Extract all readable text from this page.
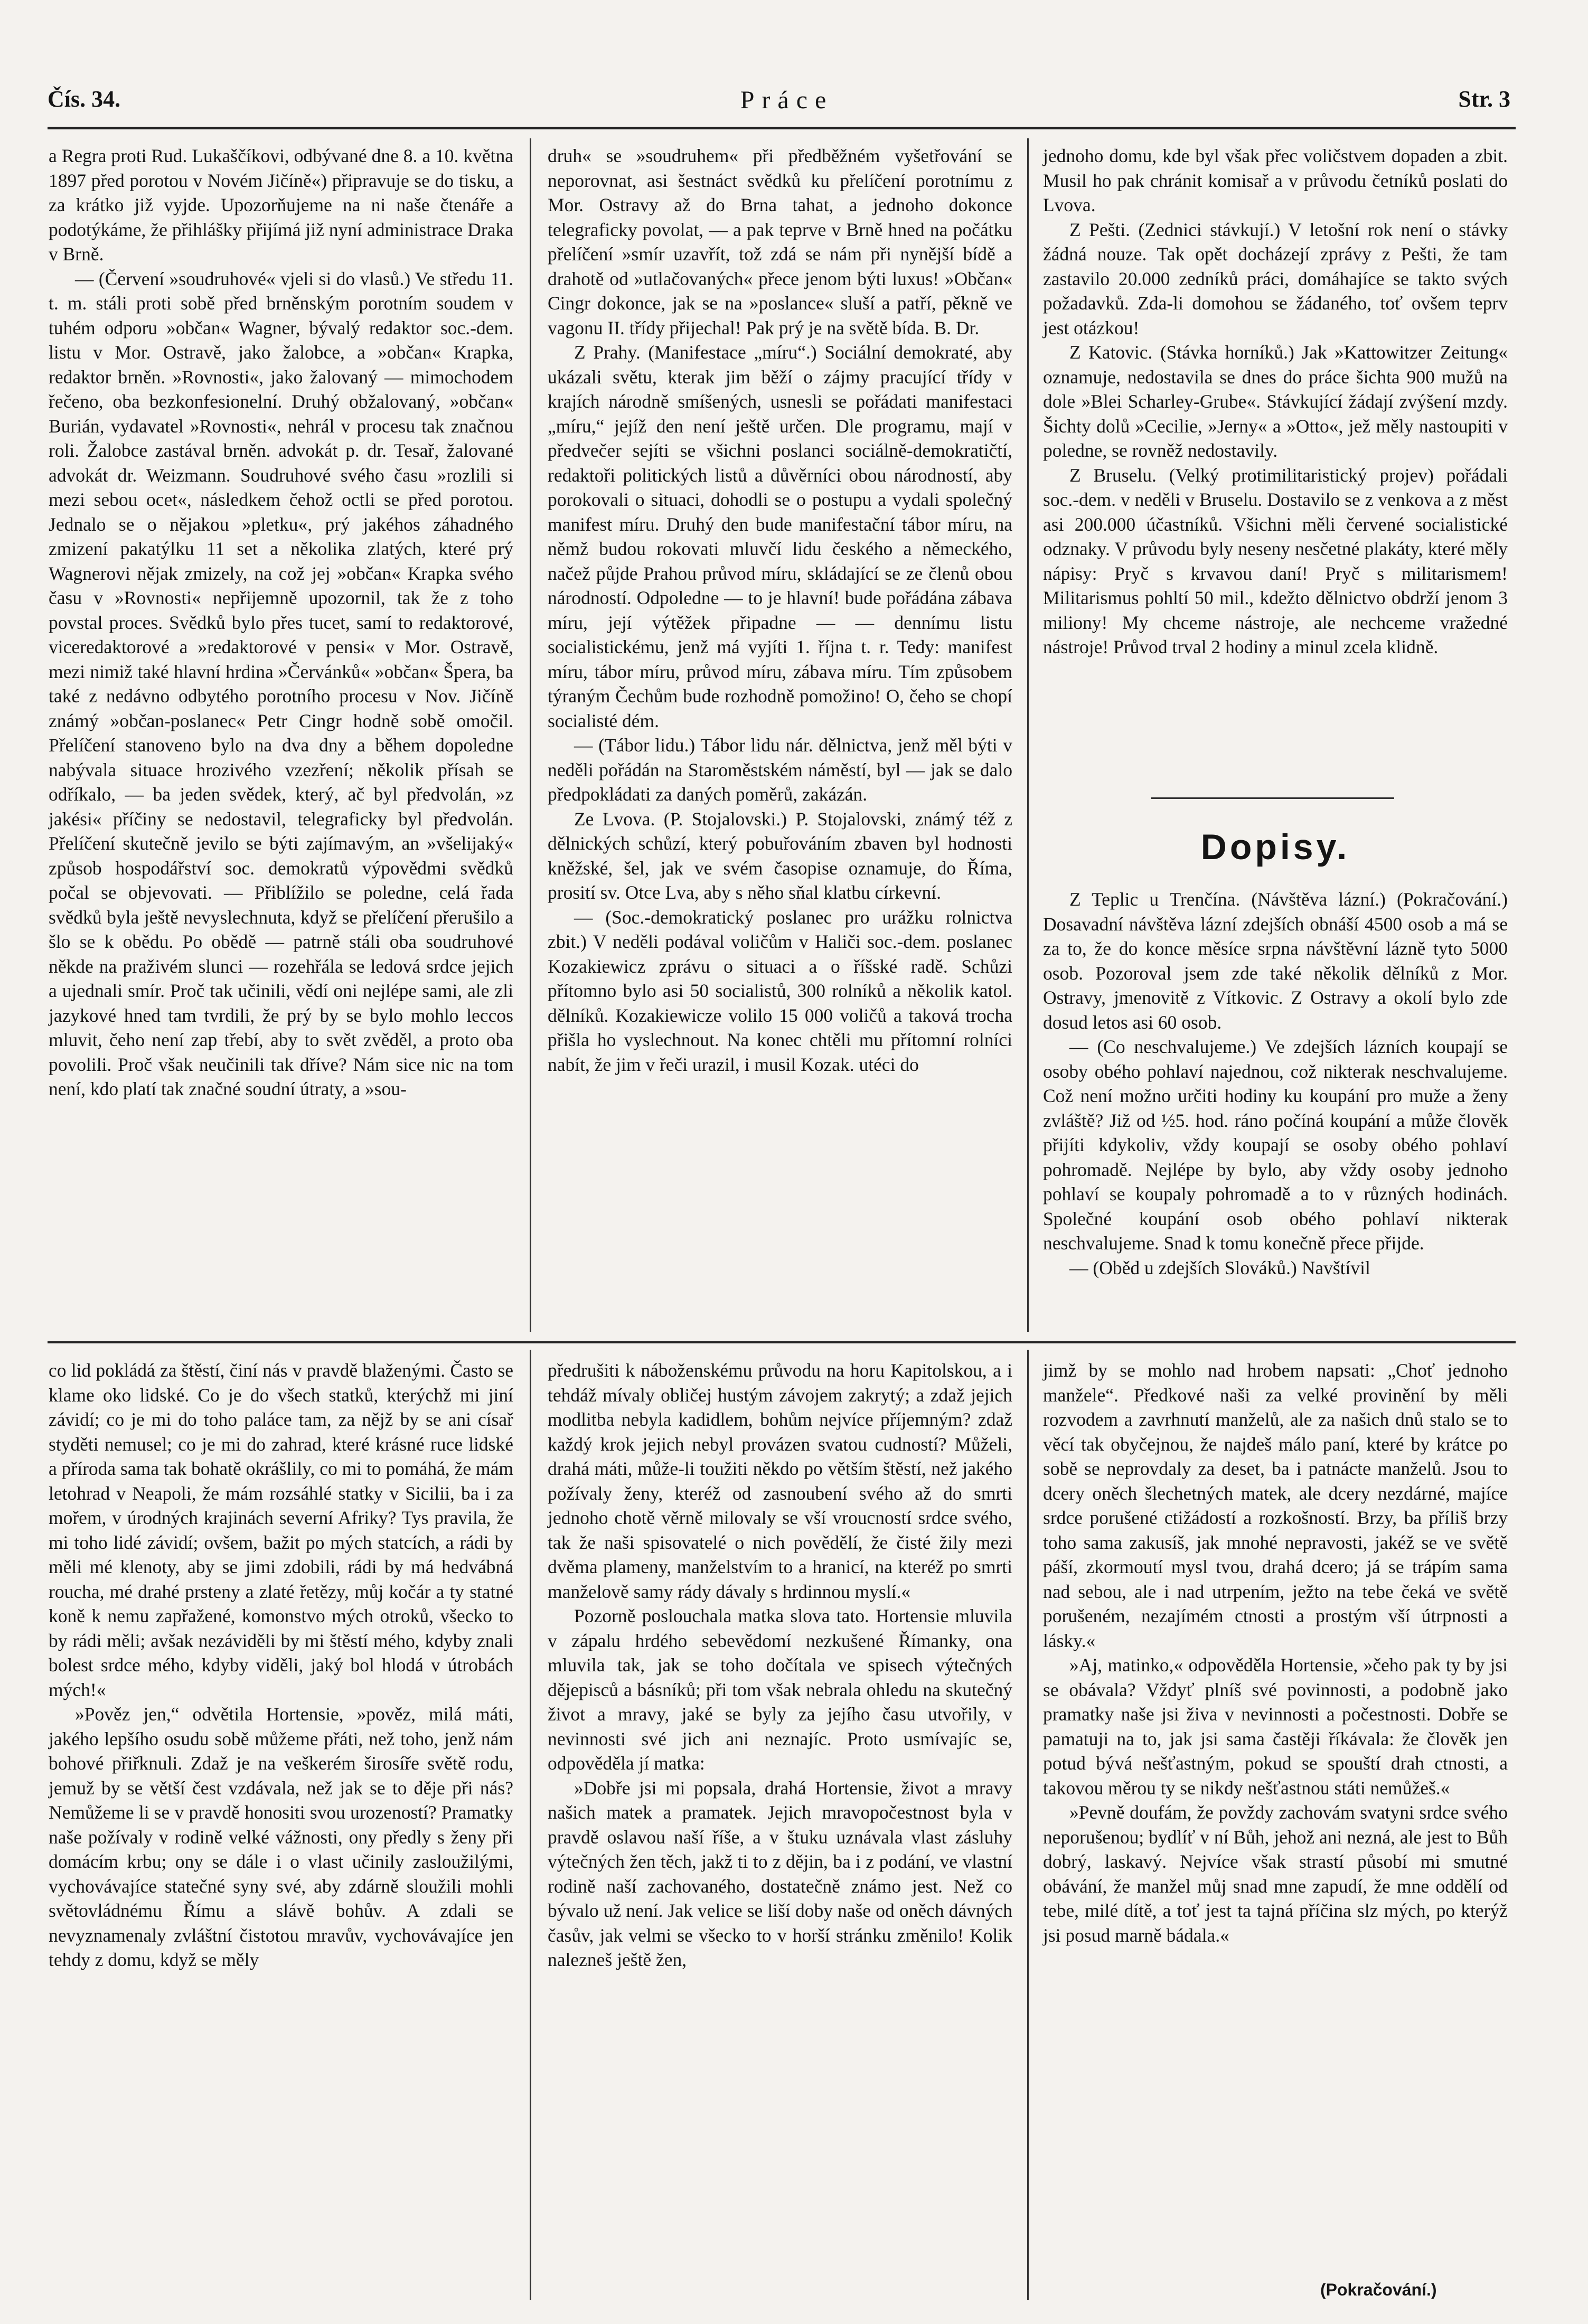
Čís. 34.	Práce	Str. 3

a Regra proti Rud. Lukaščíkovi, odbývané dne 8. a 10. května 1897 před porotou v Novém Jičíně«) připravuje se do tisku, a za krátko již vyjde. Upozorňujeme na ni naše čtenáře a podotýkáme, že přihlášky přijímá již nyní administrace Draka v Brně.

— (Červení »soudruhové« vjeli si do vlasů.) Ve středu 11. t. m. stáli proti sobě před brněnským porotním soudem v tuhém odporu »občan« Wagner, bývalý redaktor soc.-dem. listu v Mor. Ostravě, jako žalobce, a »občan« Krapka, redaktor brněn. »Rovnosti«, jako žalovaný — mimochodem řečeno, oba bezkonfesionelní. Druhý obžalovaný, »občan« Burián, vydavatel »Rovnosti«, nehrál v procesu tak značnou roli. Žalobce zastával brněn. advokát p. dr. Tesař, žalované advokát dr. Weizmann. Soudruhové svého času »rozlili si mezi sebou ocet«, následkem čehož octli se před porotou. Jednalo se o nějakou »pletku«, prý jakéhos záhadného zmizení pakatýlku 11 set a několika zlatých, které prý Wagnerovi nějak zmizely, na což jej »občan« Krapka svého času v »Rovnosti« nepřijemně upozornil, tak že z toho povstal proces. Svědků bylo přes tucet, samí to redaktorové, viceredaktorové a »redaktorové v pensi« v Mor. Ostravě, mezi nimiž také hlavní hrdina »Červánků« »občan« Špera, ba také z nedávno odbytého porotního procesu v Nov. Jičíně známý »občan-poslanec« Petr Cingr hodně sobě omočil. Přelíčení stanoveno bylo na dva dny a během dopoledne nabývala situace hrozivého vzezření; několik přísah se odříkalo, — ba jeden svědek, který, ač byl předvolán, »z jakési« příčiny se nedostavil, telegraficky byl předvolán. Přelíčení skutečně jevilo se býti zajímavým, an »všelijaký« způsob hospodářství soc. demokratů výpovědmi svědků počal se objevovati. — Přiblížilo se poledne, celá řada svědků byla ještě nevyslechnuta, když se přelíčení přerušilo a šlo se k obědu. Po obědě — patrně stáli oba soudruhové někde na praživém slunci — rozehřála se ledová srdce jejich a ujednali smír. Proč tak učinili, vědí oni nejlépe sami, ale zli jazykové hned tam tvrdili, že prý by se bylo mohlo leccos mluvit, čeho není zap třebí, aby to svět zvěděl, a proto oba povolili. Proč však neučinili tak dříve? Nám sice nic na tom není, kdo platí tak značné soudní útraty, a »sou-

druh« se »soudruhem« při předběžném vyšetřování se neporovnat, asi šestnáct svědků ku přelíčení porotnímu z Mor. Ostravy až do Brna tahat, a jednoho dokonce telegraficky povolat, — a pak teprve v Brně hned na počátku přelíčení »smír uzavřít, tož zdá se nám při nynější bídě a drahotě od »utlačovaných« přece jenom býti luxus! »Občan« Cingr dokonce, jak se na »poslance« sluší a patří, pěkně ve vagonu II. třídy přijechal! Pak prý je na světě bída. B. Dr.

Z Prahy. (Manifestace „míru“.) Sociální demokraté, aby ukázali světu, kterak jim běží o zájmy pracující třídy v krajích národně smíšených, usnesli se pořádati manifestaci „míru,“ jejíž den není ještě určen. Dle programu, mají v předvečer sejíti se všichni poslanci sociálně-demokratičtí, redaktoři politických listů a důvěrníci obou národností, aby porokovali o situaci, dohodli se o postupu a vydali společný manifest míru. Druhý den bude manifestační tábor míru, na němž budou rokovati mluvčí lidu českého a německého, načež půjde Prahou průvod míru, skládající se ze členů obou národností. Odpoledne — to je hlavní! bude pořádána zábava míru, její výtěžek připadne — — dennímu listu socialistickému, jenž má vyjíti 1. října t. r. Tedy: manifest míru, tábor míru, průvod míru, zábava míru. Tím způsobem týraným Čechům bude rozhodně pomožino! O, čeho se chopí socialisté dém.

— (Tábor lidu.) Tábor lidu nár. dělnictva, jenž měl býti v neděli pořádán na Staroměstském náměstí, byl — jak se dalo předpokládati za daných poměrů, zakázán.

Ze Lvova. (P. Stojalovski.) P. Stojalovski, známý též z dělnických schůzí, který pobuřováním zbaven byl hodnosti kněžské, šel, jak ve svém časopise oznamuje, do Říma, prosití sv. Otce Lva, aby s něho sňal klatbu církevní.

— (Soc.-demokratický poslanec pro urážku rolnictva zbit.) V neděli podával voličům v Haliči soc.-dem. poslanec Kozakiewicz zprávu o situaci a o říšské radě. Schůzi přítomno bylo asi 50 socialistů, 300 rolníků a několik katol. dělníků. Kozakiewicze volilo 15 000 voličů a taková trocha přišla ho vyslechnout. Na konec chtěli mu přítomní rolníci nabít, že jim v řeči urazil, i musil Kozak. utéci do

jednoho domu, kde byl však přec voličstvem dopaden a zbit. Musil ho pak chránit komisař a v průvodu četníků poslati do Lvova.

Z Pešti. (Zednici stávkují.) V letošní rok není o stávky žádná nouze. Tak opět docházejí zprávy z Pešti, že tam zastavilo 20.000 zedníků práci, domáhajíce se takto svých požadavků. Zda-li domohou se žádaného, toť ovšem teprv jest otázkou!

Z Katovic. (Stávka horníků.) Jak »Kattowitzer Zeitung« oznamuje, nedostavila se dnes do práce šichta 900 mužů na dole »Blei Scharley-Grube«. Stávkující žádají zvýšení mzdy. Šichty dolů »Cecilie, »Jerny« a »Otto«, jež měly nastoupiti v poledne, se rovněž nedostavily.

Z Bruselu. (Velký protimilitaristický projev) pořádali soc.-dem. v neděli v Bruselu. Dostavilo se z venkova a z měst asi 200.000 účastníků. Všichni měli červené socialistické odznaky. V průvodu byly neseny nesčetné plakáty, které měly nápisy: Pryč s krvavou daní! Pryč s militarismem! Militarismus pohltí 50 mil., kdežto dělnictvo obdrží jenom 3 miliony! My chceme nástroje, ale nechceme vražedné nástroje! Průvod trval 2 hodiny a minul zcela klidně.

Dopisy.

Z Teplic u Trenčína. (Návštěva lázní.) (Pokračování.) Dosavadní návštěva lázní zdejších obnáší 4500 osob a má se za to, že do konce měsíce srpna návštěvní lázně tyto 5000 osob. Pozoroval jsem zde také několik dělníků z Mor. Ostravy, jmenovitě z Vítkovic. Z Ostravy a okolí bylo zde dosud letos asi 60 osob.

— (Co neschvalujeme.) Ve zdejších lázních koupají se osoby obého pohlaví najednou, což nikterak neschvalujeme. Což není možno určiti hodiny ku koupání pro muže a ženy zvláště? Již od ½5. hod. ráno počíná koupání a může člověk přijíti kdykoliv, vždy koupají se osoby obého pohlaví pohromadě. Nejlépe by bylo, aby vždy osoby jednoho pohlaví se koupaly pohromadě a to v různých hodinách. Společné koupání osob obého pohlaví nikterak neschvalujeme. Snad k tomu konečně přece přijde.

— (Oběd u zdejších Slováků.) Navštívil

co lid pokládá za štěstí, činí nás v pravdě blaženými. Často se klame oko lidské. Co je do všech statků, kterýchž mi jiní závidí; co je mi do toho paláce tam, za nějž by se ani císař styděti nemusel; co je mi do zahrad, které krásné ruce lidské a příroda sama tak bohatě okrášlily, co mi to pomáhá, že mám letohrad v Neapoli, že mám rozsáhlé statky v Sicilii, ba i za mořem, v úrodných krajinách severní Afriky? Tys pravila, že mi toho lidé závidí; ovšem, bažit po mých statcích, a rádi by měli mé klenoty, aby se jimi zdobili, rádi by má hedvábná roucha, mé drahé prsteny a zlaté řetězy, můj kočár a ty statné koně k nemu zapřažené, komonstvo mých otroků, všecko to by rádi měli; avšak nezáviděli by mi štěstí mého, kdyby znali bolest srdce mého, kdyby viděli, jaký bol hlodá v útrobách mých!«

»Pověz jen,“ odvětila Hortensie, »pověz, milá máti, jakého lepšího osudu sobě můžeme přáti, než toho, jenž nám bohové přiřknuli. Zdaž je na veškerém širosíře světě rodu, jemuž by se větší čest vzdávala, než jak se to děje při nás? Nemůžeme li se v pravdě honositi svou urozeností? Pramatky naše požívaly v rodině velké vážnosti, ony předly s ženy při domácím krbu; ony se dále i o vlast učinily zasloužilými, vychovávajíce statečné syny své, aby zdárně sloužili mohli světovládnému Římu a slávě bohův. A zdali se nevyznamenaly zvláštní čistotou mravův, vychovávajíce jen tehdy z domu, když se měly

předrušiti k náboženskému průvodu na horu Kapitolskou, a i tehdáž mívaly obličej hustým závojem zakrytý; a zdaž jejich modlitba nebyla kadidlem, bohům nejvíce příjemným? zdaž každý krok jejich nebyl provázen svatou cudností? Můželi, drahá máti, může-li toužiti někdo po větším štěstí, než jakého požívaly ženy, kteréž od zasnoubení svého až do smrti jednoho chotě věrně milovaly se vší vroucností srdce svého, tak že naši spisovatelé o nich povědělí, že čisté žily mezi dvěma plameny, manželstvím to a hranicí, na kteréž po smrti manželově samy rády dávaly s hrdinnou myslí.«

Pozorně poslouchala matka slova tato. Hortensie mluvila v zápalu hrdého sebevědomí nezkušené Římanky, ona mluvila tak, jak se toho dočítala ve spisech výtečných dějepisců a básníků; při tom však nebrala ohledu na skutečný život a mravy, jaké se byly za jejího času utvořily, v nevinnosti své jich ani neznajíc. Proto usmívajíc se, odpověděla jí matka:

»Dobře jsi mi popsala, drahá Hortensie, život a mravy našich matek a pramatek. Jejich mravopočestnost byla v pravdě oslavou naší říše, a v štuku uznávala vlast zásluhy výtečných žen těch, jakž ti to z dějin, ba i z podání, ve vlastní rodině naší zachovaného, dostatečně známo jest. Než co bývalo už není. Jak velice se liší doby naše od oněch dávných časův, jak velmi se všecko to v horší stránku změnilo! Kolik nalezneš ještě žen,

jimž by se mohlo nad hrobem napsati: „Choť jednoho manžele“. Předkové naši za velké provinění by měli rozvodem a zavrhnutí manželů, ale za našich dnů stalo se to věcí tak obyčejnou, že najdeš málo paní, které by krátce po sobě se neprovdaly za deset, ba i patnácte manželů. Jsou to dcery oněch šlechetných matek, ale dcery nezdárné, majíce srdce porušené ctižádostí a rozkošností. Brzy, ba příliš brzy toho sama zakusíš, jak mnohé nepravosti, jakéž se ve světě páší, zkormoutí mysl tvou, drahá dcero; já se trápím sama nad sebou, ale i nad utrpením, ježto na tebe čeká ve světě porušeném, nezajímém ctnosti a prostým vší útrpnosti a lásky.«

»Aj, matinko,« odpověděla Hortensie, »čeho pak ty by jsi se obávala? Vždyť plníš své povinnosti, a podobně jako pramatky naše jsi živa v nevinnosti a počestnosti. Dobře se pamatuji na to, jak jsi sama častěji říkávala: že člověk jen potud bývá nešťastným, pokud se spouští drah ctnosti, a takovou měrou ty se nikdy nešťastnou státi nemůžeš.«

»Pevně doufám, že povždy zachovám svatyni srdce svého neporušenou; bydlíť v ní Bůh, jehož ani nezná, ale jest to Bůh dobrý, laskavý. Nejvíce však strastí působí mi smutné obávání, že manžel můj snad mne zapudí, že mne oddělí od tebe, milé dítě, a toť jest ta tajná příčina slz mých, po kterýž jsi posud marně bádala.«

(Pokračování.)
